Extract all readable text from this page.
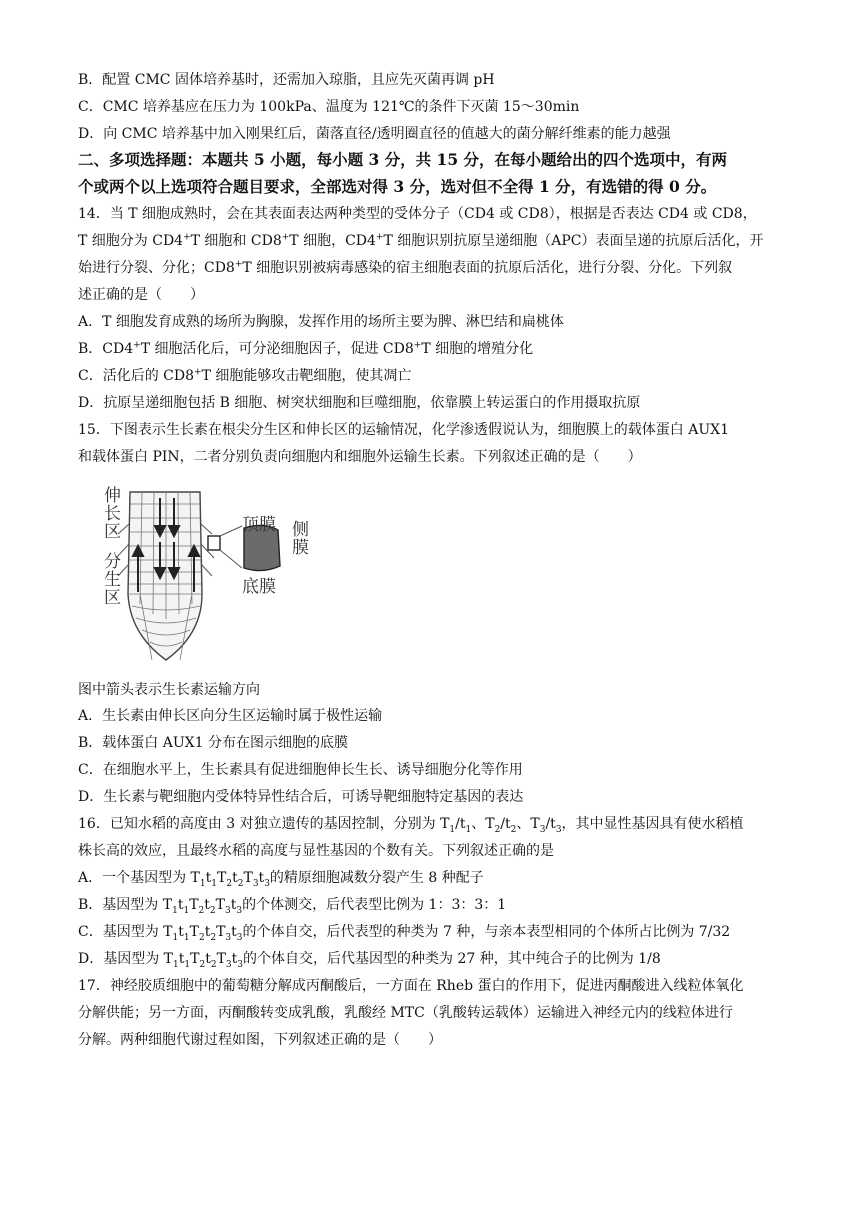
B．配置 CMC 固体培养基时，还需加入琼脂，且应先灭菌再调 pH
C．CMC 培养基应在压力为 100kPa、温度为 121℃的条件下灭菌 15～30min
D．向 CMC 培养基中加入刚果红后，菌落直径/透明圈直径的值越大的菌分解纤维素的能力越强
二、多项选择题：本题共 5 小题，每小题 3 分，共 15 分，在每小题给出的四个选项中，有两
个或两个以上选项符合题目要求，全部选对得 3 分，选对但不全得 1 分，有选错的得 0 分。
14．当 T 细胞成熟时，会在其表面表达两种类型的受体分子（CD4 或 CD8），根据是否表达 CD4 或 CD8，
T 细胞分为 CD4+T 细胞和 CD8+T 细胞，CD4+T 细胞识别抗原呈递细胞（APC）表面呈递的抗原后活化，开
始进行分裂、分化；CD8+T 细胞识别被病毒感染的宿主细胞表面的抗原后活化，进行分裂、分化。下列叙
述正确的是（　　）
A．T 细胞发育成熟的场所为胸腺，发挥作用的场所主要为脾、淋巴结和扁桃体
B．CD4+T 细胞活化后，可分泌细胞因子，促进 CD8+T 细胞的增殖分化
C．活化后的 CD8+T 细胞能够攻击靶细胞，使其凋亡
D．抗原呈递细胞包括 B 细胞、树突状细胞和巨噬细胞，依靠膜上转运蛋白的作用摄取抗原
15．下图表示生长素在根尖分生区和伸长区的运输情况，化学渗透假说认为，细胞膜上的载体蛋白 AUX1
和载体蛋白 PIN，二者分别负责向细胞内和细胞外运输生长素。下列叙述正确的是（　　）
伸长区
分生区
顶膜 侧膜
底膜
图中箭头表示生长素运输方向
A．生长素由伸长区向分生区运输时属于极性运输
B．载体蛋白 AUX1 分布在图示细胞的底膜
C．在细胞水平上，生长素具有促进细胞伸长生长、诱导细胞分化等作用
D．生长素与靶细胞内受体特异性结合后，可诱导靶细胞特定基因的表达
16．已知水稻的高度由 3 对独立遗传的基因控制，分别为 $T_1/t_1$、$T_2/t_2$、$T_3/t_3$，其中显性基因具有使水稻植
株长高的效应，且最终水稻的高度与显性基因的个数有关。下列叙述正确的是
A．一个基因型为 $T_1t_1T_2t_2T_3t_3$的精原细胞减数分裂产生 8 种配子
B．基因型为 $T_1t_1T_2t_2T_3t_3$的个体测交，后代表型比例为 1：3：3：1
C．基因型为 $T_1t_1T_2t_2T_3t_3$的个体自交，后代表型的种类为 7 种，与亲本表型相同的个体所占比例为 7/32
D．基因型为 $T_1t_1T_2t_2T_3t_3$的个体自交，后代基因型的种类为 27 种，其中纯合子的比例为 1/8
17．神经胶质细胞中的葡萄糖分解成丙酮酸后，一方面在 Rheb 蛋白的作用下，促进丙酮酸进入线粒体氧化
分解供能；另一方面，丙酮酸转变成乳酸，乳酸经 MTC（乳酸转运载体）运输进入神经元内的线粒体进行
分解。两种细胞代谢过程如图，下列叙述正确的是（　　）
